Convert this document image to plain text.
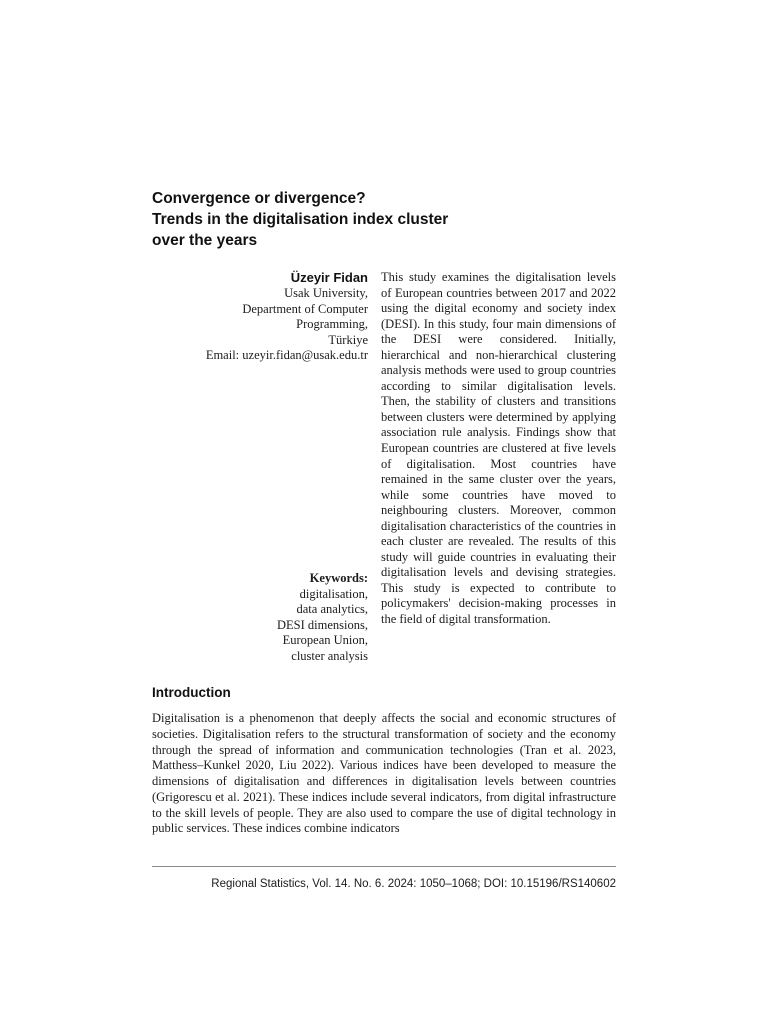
Convergence or divergence?
Trends in the digitalisation index cluster
over the years
Üzeyir Fidan
Usak University,
Department of Computer
Programming,
Türkiye
Email: uzeyir.fidan@usak.edu.tr

This study examines the digitalisation levels of European countries between 2017 and 2022 using the digital economy and society index (DESI). In this study, four main dimensions of the DESI were considered. Initially, hierarchical and non-hierarchical clustering analysis methods were used to group countries according to similar digitalisation levels. Then, the stability of clusters and transitions between clusters were determined by applying association rule analysis. Findings show that European countries are clustered at five levels of digitalisation. Most countries have remained in the same cluster over the years, while some countries have moved to neighbouring clusters. Moreover, common digitalisation characteristics of the countries in each cluster are revealed. The results of this study will guide countries in evaluating their digitalisation levels and devising strategies. This study is expected to contribute to policymakers' decision-making processes in the field of digital transformation.

Keywords:
digitalisation,
data analytics,
DESI dimensions,
European Union,
cluster analysis
Introduction

Digitalisation is a phenomenon that deeply affects the social and economic structures of societies. Digitalisation refers to the structural transformation of society and the economy through the spread of information and communication technologies (Tran et al. 2023, Matthess–Kunkel 2020, Liu 2022). Various indices have been developed to measure the dimensions of digitalisation and differences in digitalisation levels between countries (Grigorescu et al. 2021). These indices include several indicators, from digital infrastructure to the skill levels of people. They are also used to compare the use of digital technology in public services. These indices combine indicators

Regional Statistics, Vol. 14. No. 6. 2024: 1050–1068; DOI: 10.15196/RS140602
